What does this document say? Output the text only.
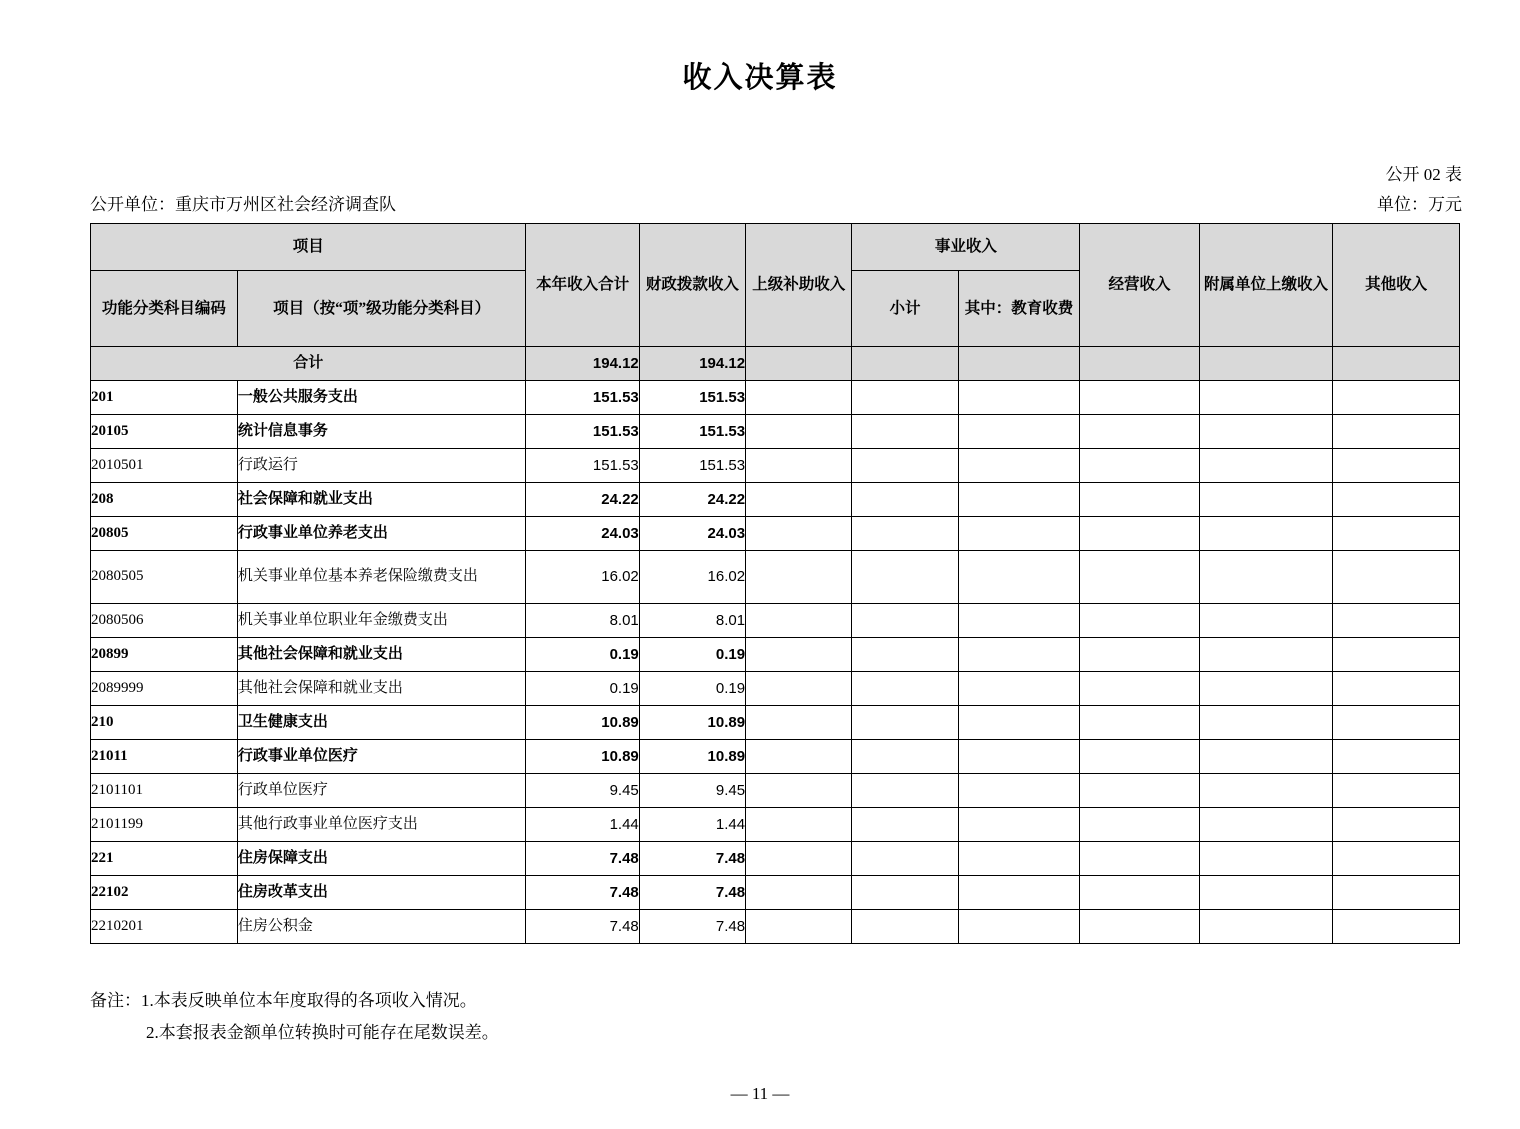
收入决算表
公开 02 表
公开单位：重庆市万州区社会经济调查队	单位：万元
项目		本年收入合计	财政拨款收入	上级补助收入	事业收入		经营收入	附属单位上缴收入	其他收入
功能分类科目编码	项目（按“项”级功能分类科目）				小计	其中：教育收费			
合计		194.12	194.12						
201	一般公共服务支出	151.53	151.53						
20105	统计信息事务	151.53	151.53						
2010501	行政运行	151.53	151.53						
208	社会保障和就业支出	24.22	24.22						
20805	行政事业单位养老支出	24.03	24.03						
2080505	机关事业单位基本养老保险缴费支出	16.02	16.02						
2080506	机关事业单位职业年金缴费支出	8.01	8.01						
20899	其他社会保障和就业支出	0.19	0.19						
2089999	其他社会保障和就业支出	0.19	0.19						
210	卫生健康支出	10.89	10.89						
21011	行政事业单位医疗	10.89	10.89						
2101101	行政单位医疗	9.45	9.45						
2101199	其他行政事业单位医疗支出	1.44	1.44						
221	住房保障支出	7.48	7.48						
22102	住房改革支出	7.48	7.48						
2210201	住房公积金	7.48	7.48						
备注：1.本表反映单位本年度取得的各项收入情况。
2.本套报表金额单位转换时可能存在尾数误差。
— 11 —
